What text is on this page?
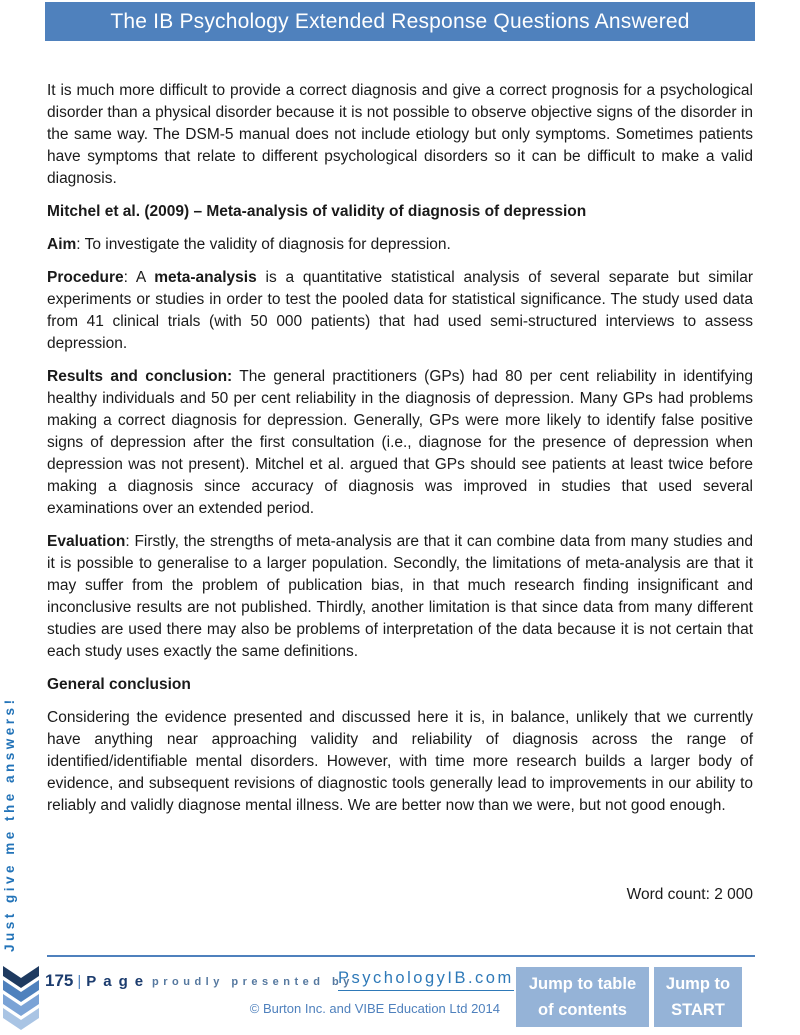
The IB Psychology Extended Response Questions Answered
Just give me the answers!

It is much more difficult to provide a correct diagnosis and give a correct prognosis for a psychological disorder than a physical disorder because it is not possible to observe objective signs of the disorder in the same way. The DSM-5 manual does not include etiology but only symptoms. Sometimes patients have symptoms that relate to different psychological disorders so it can be difficult to make a valid diagnosis.

Mitchel et al. (2009) – Meta-analysis of validity of diagnosis of depression

Aim: To investigate the validity of diagnosis for depression.

Procedure: A meta-analysis is a quantitative statistical analysis of several separate but similar experiments or studies in order to test the pooled data for statistical significance. The study used data from 41 clinical trials (with 50 000 patients) that had used semi-structured interviews to assess depression.

Results and conclusion: The general practitioners (GPs) had 80 per cent reliability in identifying healthy individuals and 50 per cent reliability in the diagnosis of depression. Many GPs had problems making a correct diagnosis for depression. Generally, GPs were more likely to identify false positive signs of depression after the first consultation (i.e., diagnose for the presence of depression when depression was not present). Mitchel et al. argued that GPs should see patients at least twice before making a diagnosis since accuracy of diagnosis was improved in studies that used several examinations over an extended period.

Evaluation: Firstly, the strengths of meta-analysis are that it can combine data from many studies and it is possible to generalise to a larger population. Secondly, the limitations of meta-analysis are that it may suffer from the problem of publication bias, in that much research finding insignificant and inconclusive results are not published. Thirdly, another limitation is that since data from many different studies are used there may also be problems of interpretation of the data because it is not certain that each study uses exactly the same definitions.

General conclusion

Considering the evidence presented and discussed here it is, in balance, unlikely that we currently have anything near approaching validity and reliability of diagnosis across the range of identified/identifiable mental disorders. However, with time more research builds a larger body of evidence, and subsequent revisions of diagnostic tools generally lead to improvements in our ability to reliably and validly diagnose mental illness. We are better now than we were, but not good enough.

Word count: 2 000
175 | Page proudly presented by
PsychologyIB.com
© Burton Inc. and VIBE Education Ltd 2014
Jump to table of contents
Jump to START
